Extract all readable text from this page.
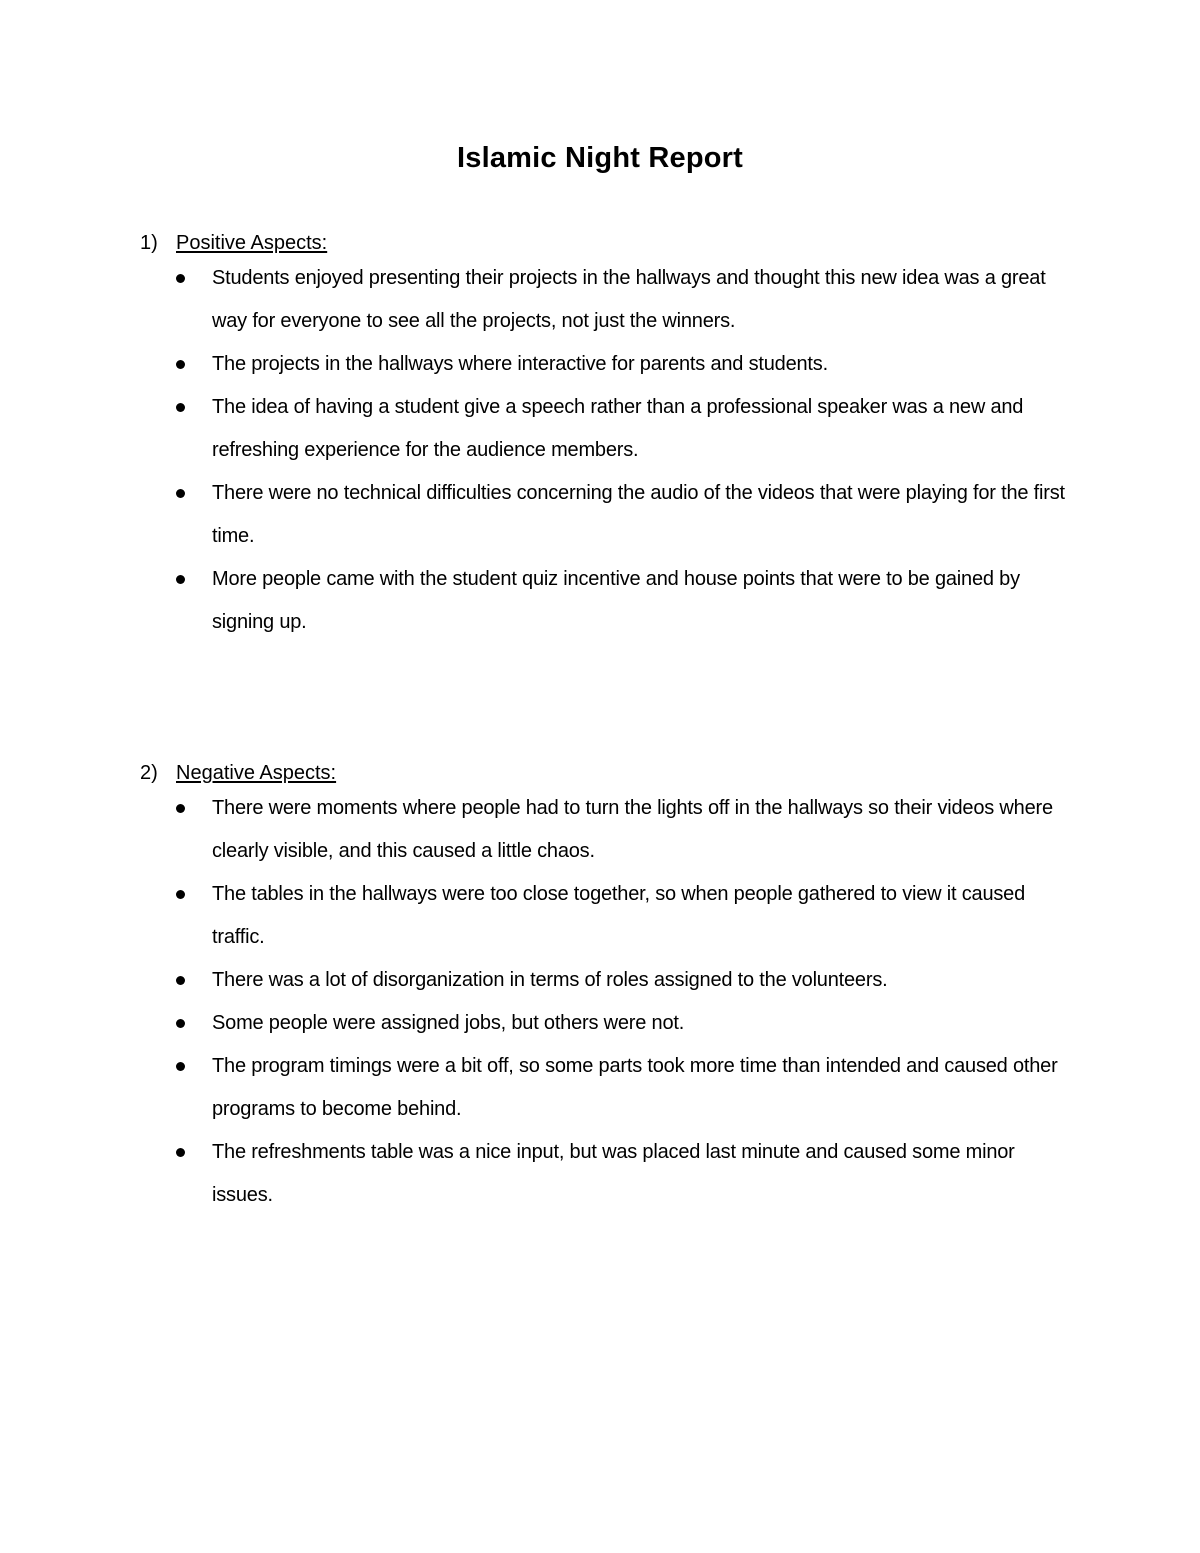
Islamic Night Report
1) Positive Aspects:
Students enjoyed presenting their projects in the hallways and thought this new idea was a great way for everyone to see all the projects, not just the winners.
The projects in the hallways where interactive for parents and students.
The idea of having a student give a speech rather than a professional speaker was a new and refreshing experience for the audience members.
There were no technical difficulties concerning the audio of the videos that were playing for the first time.
More people came with the student quiz incentive and house points that were to be gained by signing up.
2) Negative Aspects:
There were moments where people had to turn the lights off in the hallways so their videos where clearly visible, and this caused a little chaos.
The tables in the hallways were too close together, so when people gathered to view it caused traffic.
There was a lot of disorganization in terms of roles assigned to the volunteers.
Some people were assigned jobs, but others were not.
The program timings were a bit off, so some parts took more time than intended and caused other programs to become behind.
The refreshments table was a nice input, but was placed last minute and caused some minor issues.
